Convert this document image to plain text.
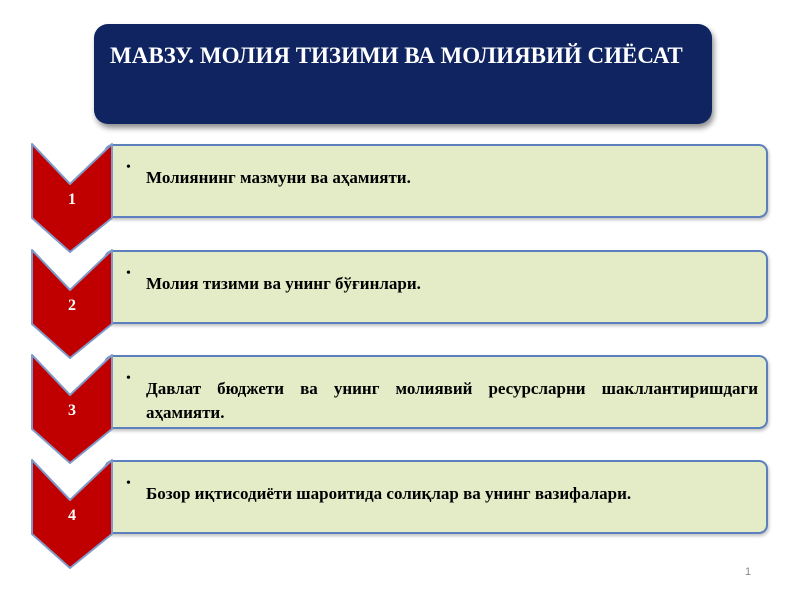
МАВЗУ. МОЛИЯ ТИЗИМИ ВА МОЛИЯВИЙ СИЁСАТ
•
Молиянинг мазмуни ва аҳамияти.
1
•
Молия тизими ва унинг бўғинлари.
2
•
Давлат бюджети ва унинг молиявий ресурсларни шакллантиришдаги аҳамияти.
3
•
Бозор иқтисодиёти шароитида солиқлар ва унинг вазифалари.
4
1
